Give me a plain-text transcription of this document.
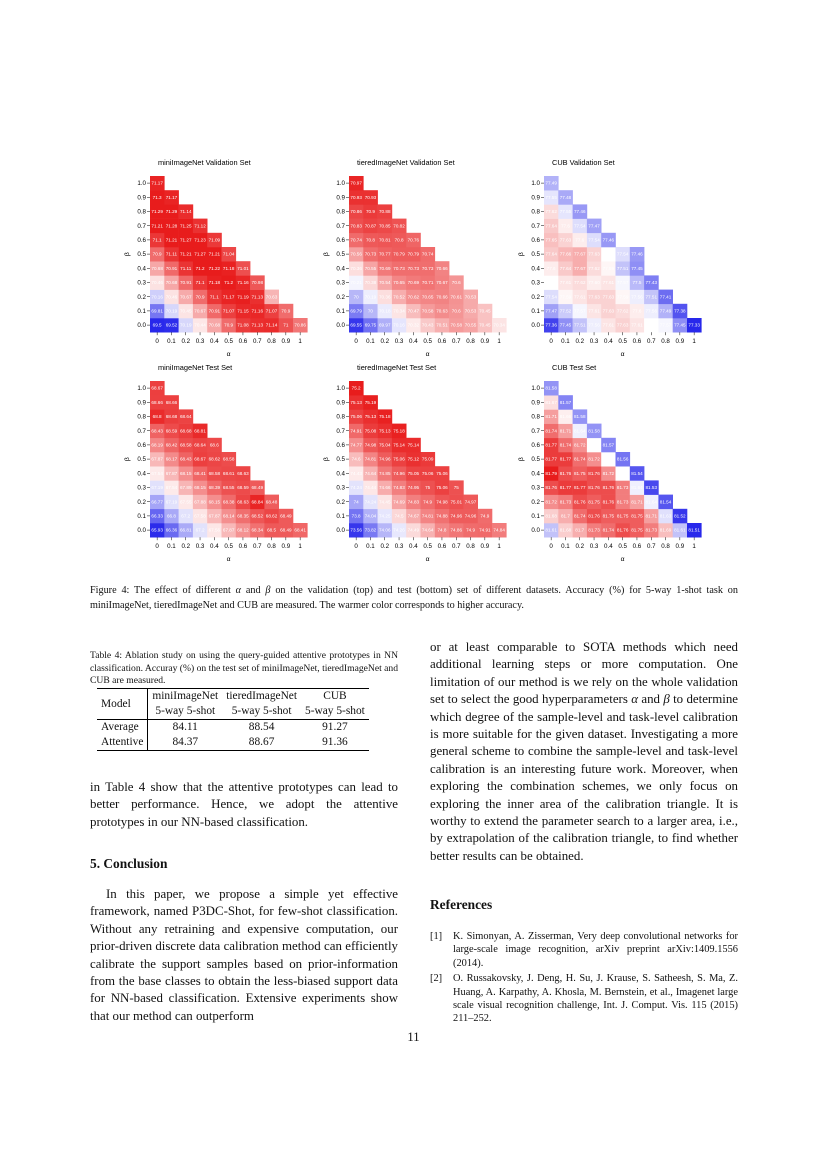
miniImageNet Validation Set
69.5 69.52 70.19 70.44 70.68 70.9 71.08 71.13 71.14 71 70.86
69.81 70.19 70.45 70.67 70.91 71.07 71.15 71.16 71.07 70.9
70.16 70.46 70.67 70.9 71.1 71.17 71.19 71.13 70.63
70.46 70.68 70.91 71.1 71.18 71.2 71.16 70.98
70.68 70.91 71.11 71.2 71.22 71.18 71.01
70.9 71.11 71.21 71.27 71.21 71.04
71.1 71.21 71.27 71.23 71.09
71.21 71.28 71.25 71.12
71.29 71.29 71.14
71.3 71.17
71.17
0.0
0.1
0.2
0.3
0.4
0.5
0.6
0.7
0.8
0.9
1.0
0 0.1 0.2 0.3 0.4 0.5 0.6 0.7 0.8 0.9 1
α
β
tieredImageNet Validation Set
69.55 69.75 69.97 70.16 70.32 70.43 70.51 70.58 70.55 70.45 70.34
69.79 70 70.18 70.34 70.47 70.58 70.63 70.6 70.53 70.45
70 70.19 70.36 70.52 70.62 70.65 70.66 70.61 70.53
70.21 70.38 70.54 70.65 70.69 70.71 70.67 70.6
70.36 70.55 70.69 70.73 70.73 70.73 70.66
70.56 70.73 70.77 70.79 70.79 70.74
70.74 70.8 70.81 70.8 70.76
70.83 70.87 70.85 70.82
70.86 70.9 70.88
70.93 70.93
70.97
0.0
0.1
0.2
0.3
0.4
0.5
0.6
0.7
0.8
0.9
1.0
0 0.1 0.2 0.3 0.4 0.5 0.6 0.7 0.8 0.9 1
α
β
CUB Validation Set
77.36 77.45 77.51 77.56 77.61 77.63 77.61 77.58 77.57 77.45 77.33
77.47 77.52 77.57 77.61 77.63 77.62 77.6 77.56 77.49 77.38
77.54 77.59 77.61 77.63 77.63 77.59 77.56 77.51 77.41
77.58 77.61 77.62 77.60 77.61 77.57 77.5 77.43
77.6 77.64 77.67 77.62 77.59 77.51 77.45
77.64 77.66 77.67 77.63 77.58 77.54 77.46
77.65 77.63 77.6 77.54 77.46
77.64 77.6 77.54 77.47
77.62 77.55 77.46
77.55 77.48
77.49
0.0
0.1
0.2
0.3
0.4
0.5
0.6
0.7
0.8
0.9
1.0
0 0.1 0.2 0.3 0.4 0.5 0.6 0.7 0.8 0.9 1
α
β
miniImageNet Test Set
65.93 66.36 66.81 67.2 67.56 67.87 68.12 68.34 68.5 68.49 68.41
66.33 66.8 67.2 67.58 67.87 68.14 68.35 68.52 68.62 68.49
66.77 67.19 67.55 67.88 68.15 68.38 68.63 68.84 68.48
67.19 67.54 67.89 68.15 68.39 68.55 68.59 68.49
67.54 67.87 68.15 68.41 68.58 68.61 68.63
67.87 68.17 68.43 68.67 68.62 68.58
68.19 68.42 68.58 68.64 68.6
68.43 68.59 68.68 68.81
68.8 68.68 68.64
68.66 68.66
68.67
0.0
0.1
0.2
0.3
0.4
0.5
0.6
0.7
0.8
0.9
1.0
0 0.1 0.2 0.3 0.4 0.5 0.6 0.7 0.8 0.9 1
α
β
tieredImageNet Test Set
73.56 73.82 74.06 74.26 74.49 74.64 74.8 74.86 74.9 74.91 74.84
73.8 74.04 74.25 74.5 74.67 74.81 74.88 74.96 74.96 74.9
74 74.24 74.45 74.69 74.83 74.9 74.98 75.01 74.97
74.24 74.44 74.66 74.83 74.95 75 75.06 75
74.43 74.64 74.85 74.96 75.05 75.06 75.06
74.6 74.81 74.96 75.06 75.12 75.09
74.77 74.98 75.04 75.14 75.14
74.91 75.08 75.13 75.18
75.06 75.13 75.18
75.13 75.19
75.2
0.0
0.1
0.2
0.3
0.4
0.5
0.6
0.7
0.8
0.9
1.0
0 0.1 0.2 0.3 0.4 0.5 0.6 0.7 0.8 0.9 1
α
β
CUB Test Set
81.61 81.68 81.7 81.73 81.74 81.76 81.75 81.73 81.69 81.61 81.51
81.68 81.7 81.74 81.76 81.75 81.75 81.75 81.71 81.63 81.52
81.72 81.73 81.76 81.75 81.76 81.73 81.71 81.64 81.54
81.76 81.77 81.77 81.76 81.76 81.73 81.64 81.53
81.79 81.76 81.75 81.76 81.72 81.65 81.54
81.77 81.77 81.74 81.72 81.65 81.56
81.77 81.74 81.72 81.65 81.57
81.74 81.71 81.64 81.58
81.71 81.66 81.58
81.67 81.57
81.58
0.0
0.1
0.2
0.3
0.4
0.5
0.6
0.7
0.8
0.9
1.0
0 0.1 0.2 0.3 0.4 0.5 0.6 0.7 0.8 0.9 1
α
β
Figure 4: The effect of different α and β on the validation (top) and test (bottom) set of different datasets. Accuracy (%) for 5-way 1-shot task on miniImageNet, tieredImageNet and CUB are measured. The warmer color corresponds to higher accuracy.
Table 4: Ablation study on using the query-guided attentive prototypes in NN classification. Accuray (%) on the test set of miniImageNet, tieredImageNet and CUB are measured.
Model	miniImageNet	tieredImageNet	CUB
	5-way 5-shot	5-way 5-shot	5-way 5-shot
Average	84.11	88.54	91.27
Attentive	84.37	88.67	91.36
in Table 4 show that the attentive prototypes can lead to better performance. Hence, we adopt the attentive prototypes in our NN-based classification.
5. Conclusion
In this paper, we propose a simple yet effective framework, named P3DC-Shot, for few-shot classification. Without any retraining and expensive computation, our prior-driven discrete data calibration method can efficiently calibrate the support samples based on prior-information from the base classes to obtain the less-biased support data for NN-based classification. Extensive experiments show that our method can outperform
or at least comparable to SOTA methods which need additional learning steps or more computation. One limitation of our method is we rely on the whole validation set to select the good hyperparameters α and β to determine which degree of the sample-level and task-level calibration is more suitable for the given dataset. Investigating a more general scheme to combine the sample-level and task-level calibration is an interesting future work. Moreover, when exploring the combination schemes, we only focus on exploring the inner area of the calibration triangle. It is worthy to extend the parameter search to a larger area, i.e., by extrapolation of the calibration triangle, to find whether better results can be obtained.
References
[1] K. Simonyan, A. Zisserman, Very deep convolutional networks for large-scale image recognition, arXiv preprint arXiv:1409.1556 (2014).
[2] O. Russakovsky, J. Deng, H. Su, J. Krause, S. Satheesh, S. Ma, Z. Huang, A. Karpathy, A. Khosla, M. Bernstein, et al., Imagenet large scale visual recognition challenge, Int. J. Comput. Vis. 115 (2015) 211–252.
11
